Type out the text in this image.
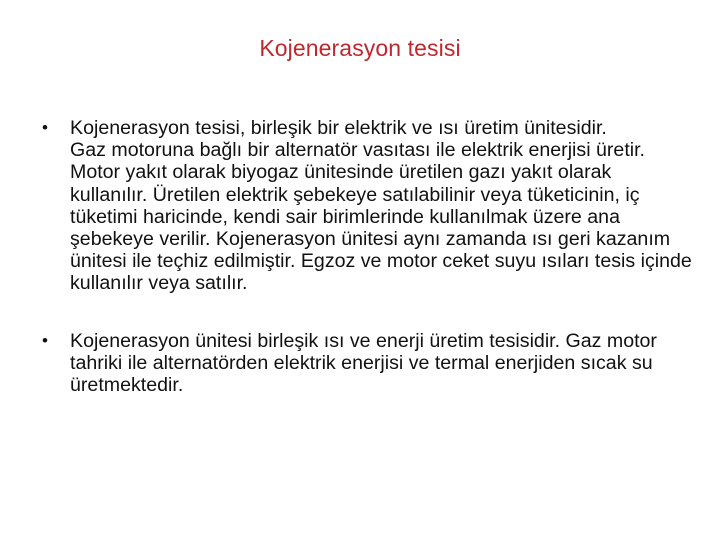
Kojenerasyon tesisi
•	Kojenerasyon tesisi, birleşik bir elektrik ve ısı üretim ünitesidir.

Gaz motoruna bağlı bir alternatör vasıtası ile elektrik enerjisi üretir. Motor yakıt olarak biyogaz ünitesinde üretilen gazı yakıt olarak kullanılır. Üretilen elektrik şebekeye satılabilinir veya tüketicinin, iç tüketimi haricinde, kendi sair birimlerinde kullanılmak üzere ana şebekeye verilir. Kojenerasyon ünitesi aynı zamanda ısı geri kazanım ünitesi ile teçhiz edilmiştir. Egzoz ve motor ceket suyu ısıları tesis içinde kullanılır veya satılır.

•	Kojenerasyon ünitesi birleşik ısı ve enerji üretim tesisidir. Gaz motor tahriki ile alternatörden elektrik enerjisi ve termal enerjiden sıcak su üretmektedir.
